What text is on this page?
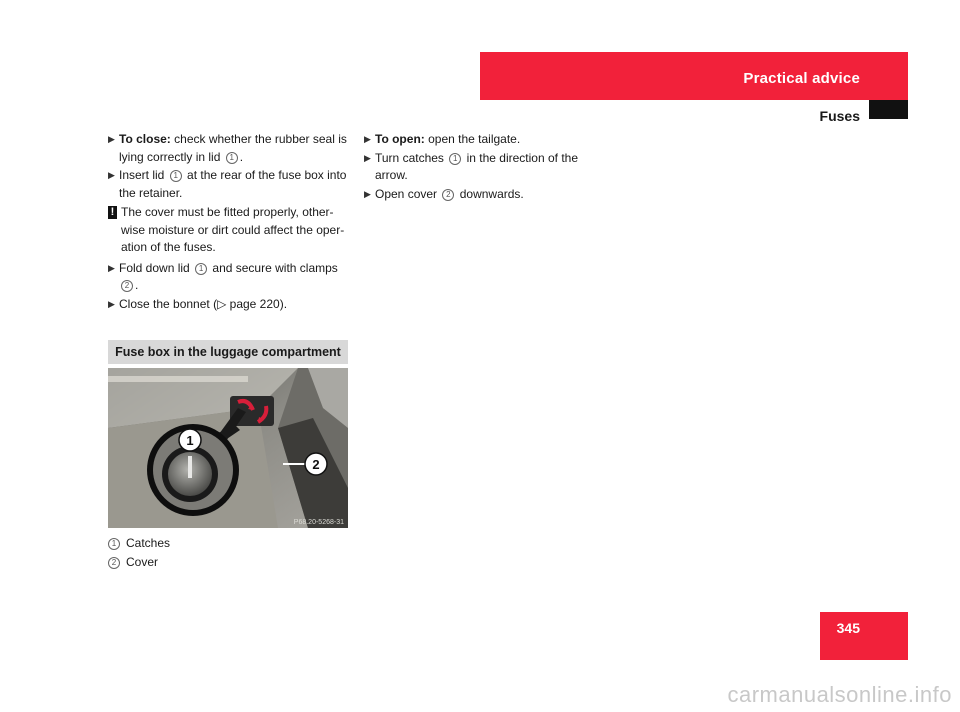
Practical advice
Fuses
▶ To close: check whether the rubber seal is lying correctly in lid 1 .
▶ Insert lid 1 at the rear of the fuse box into the retainer.
! The cover must be fitted properly, other-wise moisture or dirt could affect the oper-ation of the fuses.
▶ Fold down lid 1 and secure with clamps 2 .
▶ Close the bonnet (▷ page 220).
Fuse box in the luggage compartment
1
2
P68.20-5268-31
1 Catches
2 Cover
▶ To open: open the tailgate.
▶ Turn catches 1 in the direction of the arrow.
▶ Open cover 2 downwards.
345
carmanualsonline.info
